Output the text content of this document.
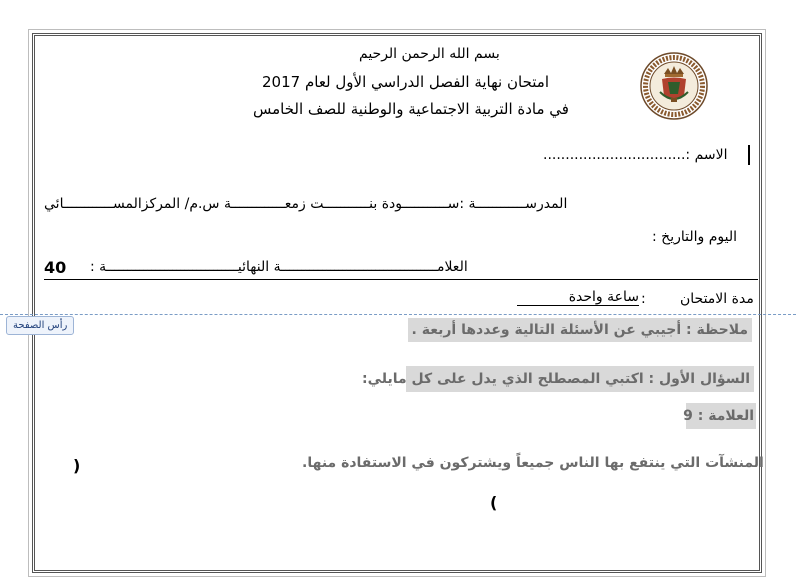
بسم الله الرحمن الرحيم
امتحان نهاية الفصل الدراسي الأول لعام 2017
في مادة التربية الاجتماعية والوطنية للصف الخامس
الاسم :................................
المدرســــــــــــة :ســـــــــــودة بنـــــــــــت زمعـــــــــــــة س.م/ المركزالمســــــــــــائي
اليوم والتاريخ :
العلامــــــــــــــــــــــــــــــــــــــة النهائيــــــــــــــــــــــــــــــــة :
40
مدة الامتحان
:
ساعة واحدة
رأس الصفحة	ملاحظة : أجيبي عن الأسئلة التالية وعددها أربعة .
السؤال الأول : اكتبي المصطلح الذي يدل على كل مايلي:
العلامة : 9
المنشآت التي ينتفع بها الناس جميعاً ويشتركون في الاستفادة منها.
(
)
